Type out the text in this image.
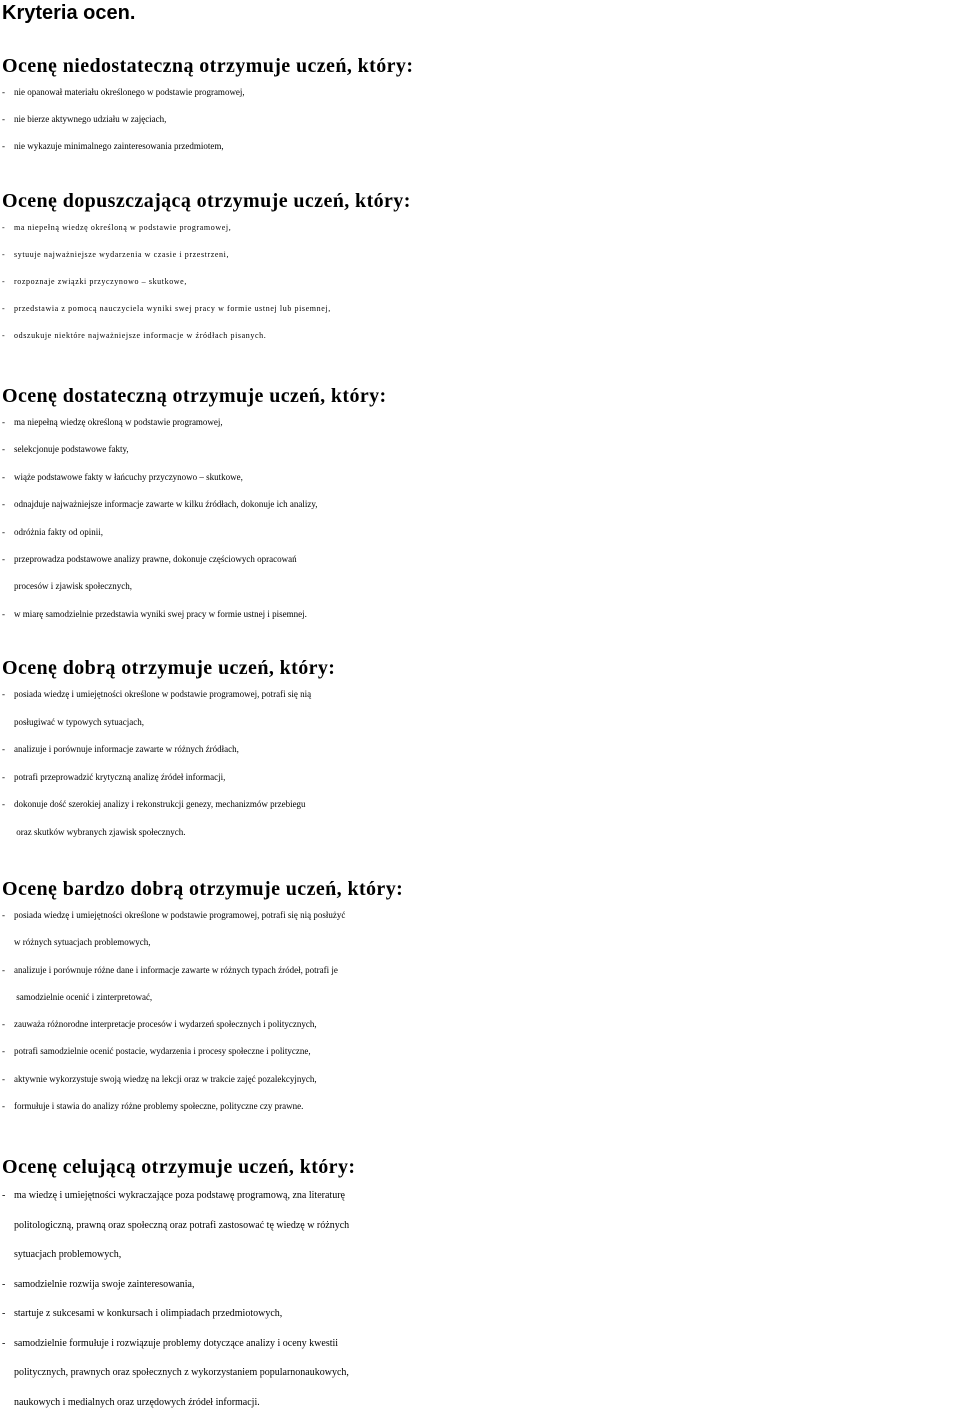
Kryteria ocen.
Ocenę niedostateczną otrzymuje uczeń, który:
-	nie opanował materiału określonego w podstawie programowej,
-	nie bierze aktywnego udziału w zajęciach,
-	nie wykazuje minimalnego zainteresowania przedmiotem,
Ocenę dopuszczającą otrzymuje uczeń, który:
-	ma niepełną wiedzę określoną w podstawie programowej,
-	sytuuje najważniejsze wydarzenia w czasie i przestrzeni,
-	rozpoznaje związki przyczynowo – skutkowe,
-	przedstawia z pomocą nauczyciela wyniki swej pracy w formie ustnej lub pisemnej,
-	odszukuje niektóre najważniejsze informacje w źródłach pisanych.
Ocenę dostateczną otrzymuje uczeń, który:
-	ma niepełną wiedzę określoną w podstawie programowej,
-	selekcjonuje podstawowe fakty,
-	wiąże podstawowe fakty w łańcuchy przyczynowo – skutkowe,
-	odnajduje najważniejsze informacje zawarte w kilku źródłach, dokonuje ich analizy,
-	odróżnia fakty od opinii,
-	przeprowadza podstawowe analizy prawne, dokonuje częściowych opracowań
procesów i zjawisk społecznych,
-	w miarę samodzielnie przedstawia wyniki swej pracy w formie ustnej i pisemnej.
Ocenę dobrą otrzymuje uczeń, który:
-	posiada wiedzę i umiejętności określone w podstawie programowej, potrafi się nią
posługiwać w typowych sytuacjach,
-	analizuje i porównuje informacje zawarte w różnych źródłach,
-	potrafi przeprowadzić krytyczną analizę źródeł informacji,
-	dokonuje dość szerokiej analizy i rekonstrukcji genezy, mechanizmów przebiegu
oraz skutków wybranych zjawisk społecznych.
Ocenę bardzo dobrą otrzymuje uczeń, który:
-	posiada wiedzę i umiejętności określone w podstawie programowej, potrafi się nią posłużyć
w różnych sytuacjach problemowych,
-	analizuje i porównuje różne dane i informacje zawarte w różnych typach źródeł, potrafi je
samodzielnie ocenić i zinterpretować,
-	zauważa różnorodne interpretacje procesów i wydarzeń społecznych i politycznych,
-	potrafi samodzielnie ocenić postacie, wydarzenia i procesy społeczne i polityczne,
-	aktywnie wykorzystuje swoją wiedzę na lekcji oraz w trakcie zajęć pozalekcyjnych,
-	formułuje i stawia do analizy różne problemy społeczne, polityczne czy prawne.
Ocenę celującą otrzymuje uczeń, który:
- ma wiedzę i umiejętności wykraczające poza podstawę programową, zna literaturę
politologiczną, prawną oraz społeczną oraz potrafi zastosować tę wiedzę w różnych
sytuacjach problemowych,
- samodzielnie rozwija swoje zainteresowania,
- startuje z sukcesami w konkursach i olimpiadach przedmiotowych,
- samodzielnie formułuje i rozwiązuje problemy dotyczące analizy i oceny kwestii
politycznych, prawnych oraz społecznych z wykorzystaniem popularnonaukowych,
naukowych i medialnych oraz urzędowych źródeł informacji.
